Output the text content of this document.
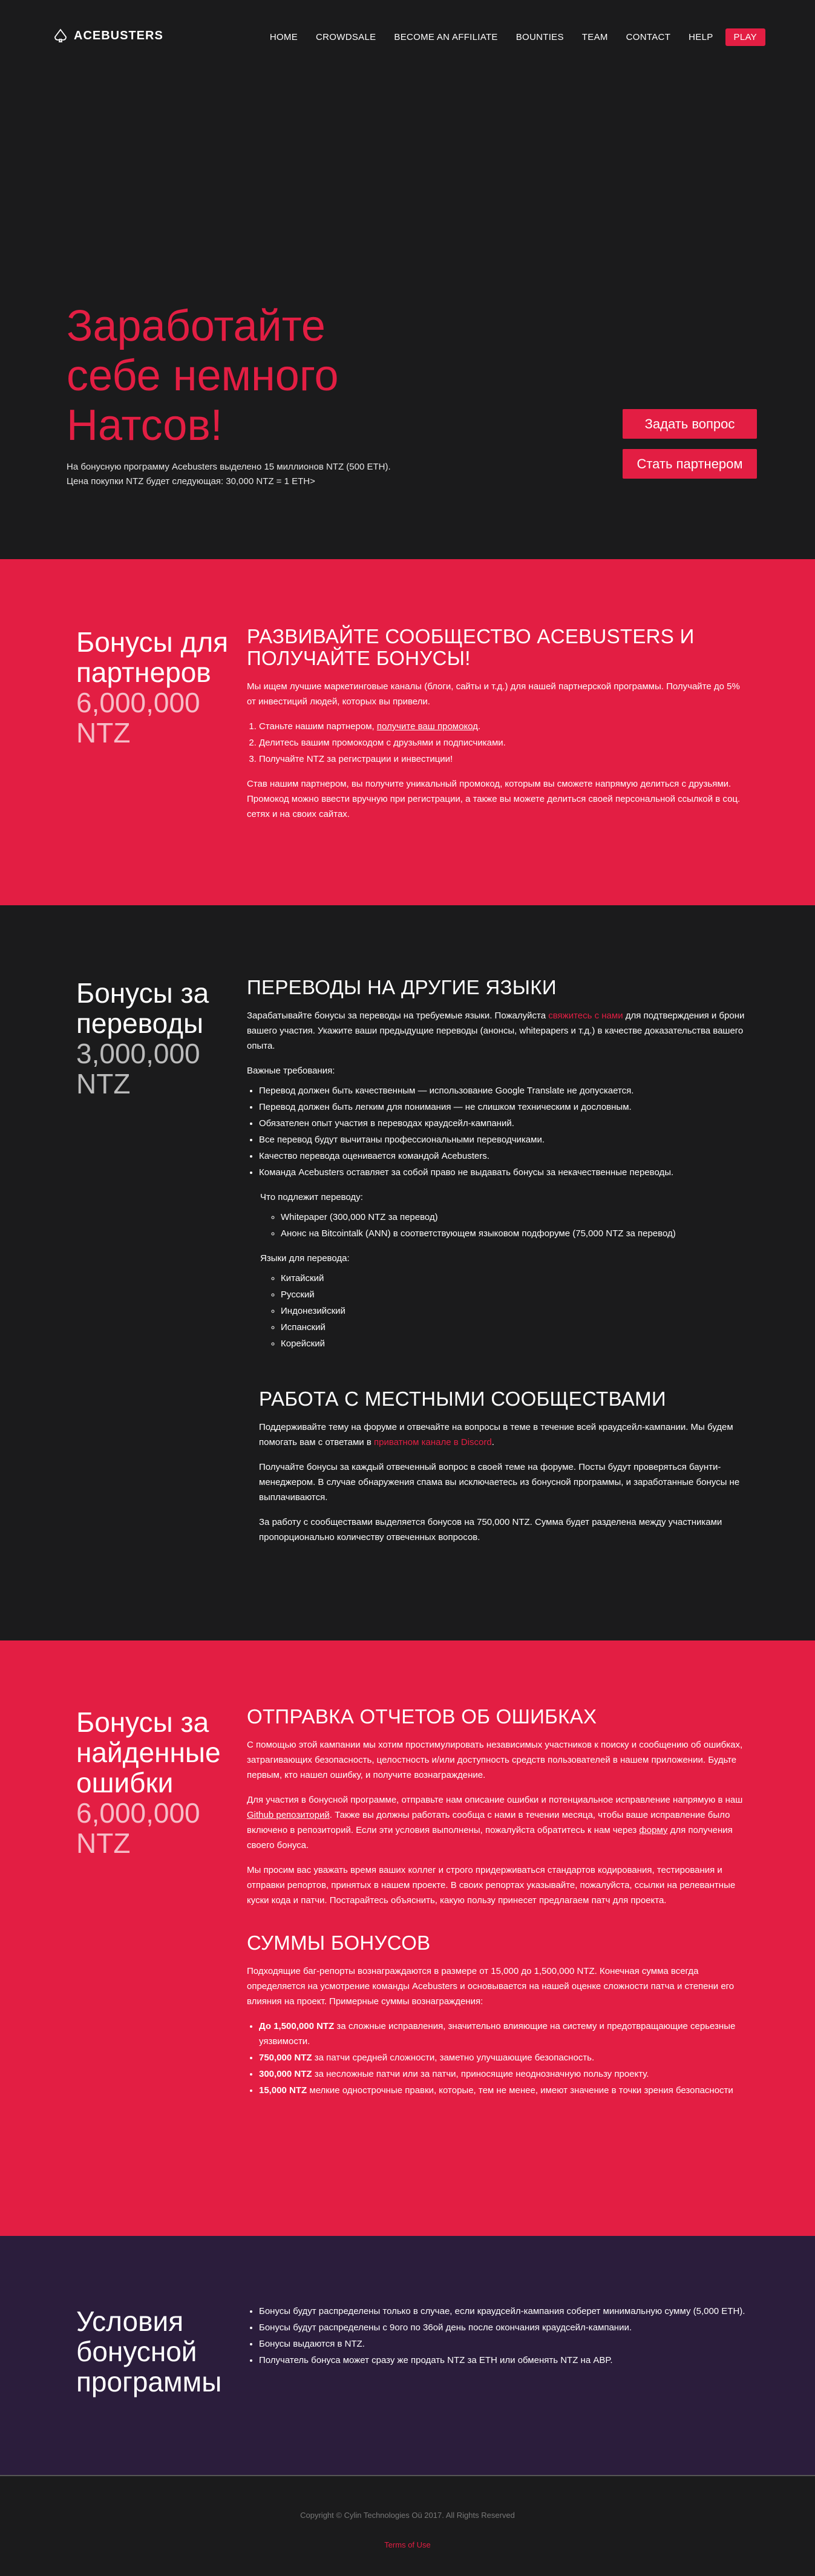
ACEBUSTERS	HOME CROWDSALE BECOME AN AFFILIATE BOUNTIES TEAM CONTACT HELP	PLAY
Заработайте себе немного Натсов!
На бонусную программу Acebusters выделено 15 миллионов NTZ (500 ETH).
Цена покупки NTZ будет следующая: 30,000 NTZ = 1 ETH>
Задать вопрос
Стать партнером
Бонусы для партнеров
6,000,000 NTZ
РАЗВИВАЙТЕ СООБЩЕСТВО ACEBUSTERS И ПОЛУЧАЙТЕ БОНУСЫ!

Мы ищем лучшие маркетинговые каналы (блоги, сайты и т.д.) для нашей партнерской программы. Получайте до 5% от инвестиций людей, которых вы привели.

1. Станьте нашим партнером, получите ваш промокод.
2. Делитесь вашим промокодом с друзьями и подписчиками.
3. Получайте NTZ за регистрации и инвестиции!

Став нашим партнером, вы получите уникальный промокод, которым вы сможете напрямую делиться с друзьями. Промокод можно ввести вручную при регистрации, а также вы можете делиться своей персональной ссылкой в соц. сетях и на своих сайтах.

Бонусы за переводы
3,000,000 NTZ
ПЕРЕВОДЫ НА ДРУГИЕ ЯЗЫКИ

Зарабатывайте бонусы за переводы на требуемые языки. Пожалуйста свяжитесь с нами для подтверждения и брони вашего участия. Укажите ваши предыдущие переводы (анонсы, whitepapers и т.д.) в качестве доказательства вашего опыта.

Важные требования:

• Перевод должен быть качественным — использование Google Translate не допускается.
• Перевод должен быть легким для понимания — не слишком техническим и дословным.
• Обязателен опыт участия в переводах краудсейл-кампаний.
• Все перевод будут вычитаны профессиональными переводчиками.
• Качество перевода оценивается командой Acebusters.
• Команда Acebusters оставляет за собой право не выдавать бонусы за некачественные переводы.

Что подлежит переводу:

◦ Whitepaper (300,000 NTZ за перевод)
◦ Анонс на Bitcointalk (ANN) в соответствующем языковом подфоруме (75,000 NTZ за перевод)

Языки для перевода:

◦ Китайский
◦ Русский
◦ Индонезийский
◦ Испанский
◦ Корейский
РАБОТА С МЕСТНЫМИ СООБЩЕСТВАМИ

Поддерживайте тему на форуме и отвечайте на вопросы в теме в течение всей краудсейл-кампании. Мы будем помогать вам с ответами в приватном канале в Discord.

Получайте бонусы за каждый отвеченный вопрос в своей теме на форуме. Посты будут проверяться баунти-менеджером. В случае обнаружения спама вы исключаетесь из бонусной программы, и заработанные бонусы не выплачиваются.

За работу с сообществами выделяется бонусов на 750,000 NTZ. Сумма будет разделена между участниками пропорционально количеству отвеченных вопросов.

Бонусы за найденные ошибки
6,000,000 NTZ
ОТПРАВКА ОТЧЕТОВ ОБ ОШИБКАХ

С помощью этой кампании мы хотим простимулировать независимых участников к поиску и сообщению об ошибках, затрагивающих безопасность, целостность и/или доступность средств пользователей в нашем приложении. Будьте первым, кто нашел ошибку, и получите вознаграждение.

Для участия в бонусной программе, отправьте нам описание ошибки и потенциальное исправление напрямую в наш Github репозиторий. Также вы должны работать сообща с нами в течении месяца, чтобы ваше исправление было включено в репозиторий. Если эти условия выполнены, пожалуйста обратитесь к нам через форму для получения своего бонуса.

Мы просим вас уважать время ваших коллег и строго придерживаться стандартов кодирования, тестирования и отправки репортов, принятых в нашем проекте. В своих репортах указывайте, пожалуйста, ссылки на релевантные куски кода и патчи. Постарайтесь объяснить, какую пользу принесет предлагаем патч для проекта.

СУММЫ БОНУСОВ

Подходящие баг-репорты вознаграждаются в размере от 15,000 до 1,500,000 NTZ. Конечная сумма всегда определяется на усмотрение команды Acebusters и основывается на нашей оценке сложности патча и степени его влияния на проект. Примерные суммы вознаграждения:

• До 1,500,000 NTZ за сложные исправления, значительно влияющие на систему и предотвращающие серьезные уязвимости.
• 750,000 NTZ за патчи средней сложности, заметно улучшающие безопасность.
• 300,000 NTZ за несложные патчи или за патчи, приносящие неоднозначную пользу проекту.
• 15,000 NTZ мелкие однострочные правки, которые, тем не менее, имеют значение в точки зрения безопасности
Условия бонусной программы
• Бонусы будут распределены только в случае, если краудсейл-кампания соберет минимальную сумму (5,000 ETH).
• Бонусы будут распределены с 9ого по 36ой день после окончания краудсейл-кампании.
• Бонусы выдаются в NTZ.
• Получатель бонуса может сразу же продать NTZ за ETH или обменять NTZ на ABP.
Copyright © Cylin Technologies Oü 2017. All Rights Reserved
Terms of Use
